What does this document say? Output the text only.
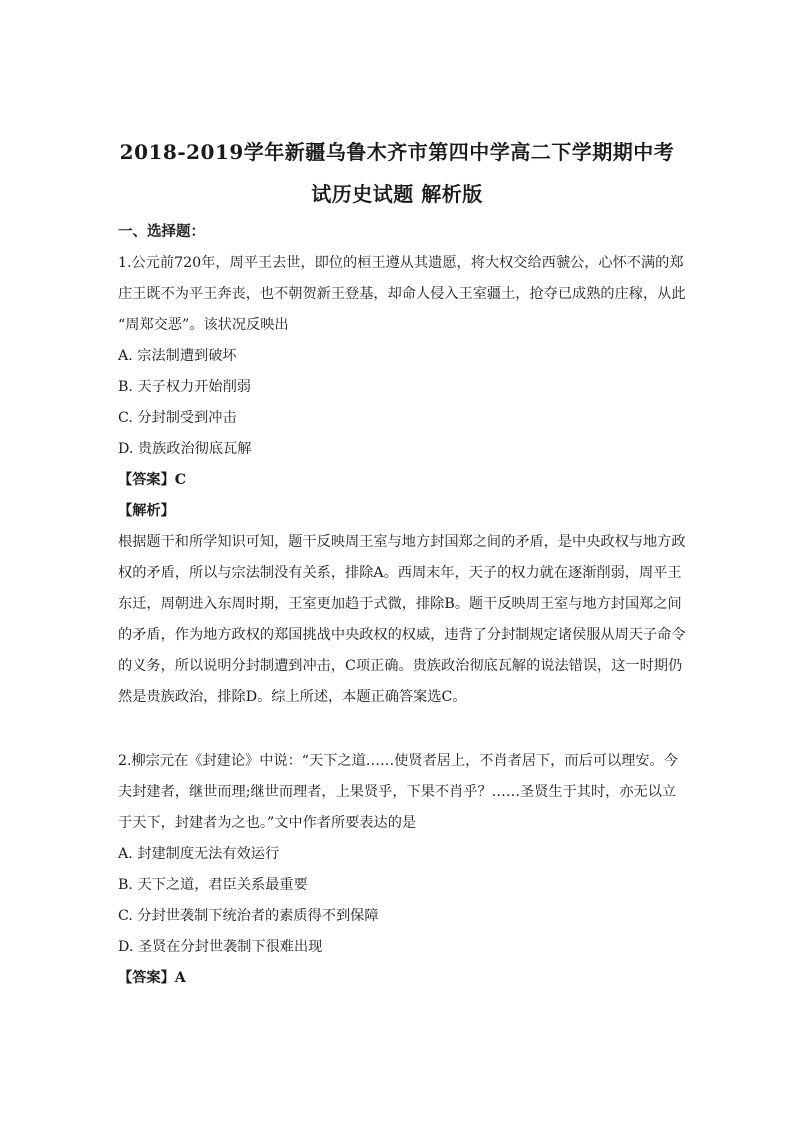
2018-2019学年新疆乌鲁木齐市第四中学高二下学期期中考
试历史试题 解析版
一、选择题：
1.公元前720年，周平王去世，即位的桓王遵从其遗愿，将大权交给西虢公，心怀不满的郑
庄王既不为平王奔丧，也不朝贺新王登基，却命人侵入王室疆土，抢夺已成熟的庄稼，从此
“周郑交恶”。该状况反映出
A. 宗法制遭到破坏
B. 天子权力开始削弱
C. 分封制受到冲击
D. 贵族政治彻底瓦解
【答案】C
【解析】
根据题干和所学知识可知，题干反映周王室与地方封国郑之间的矛盾，是中央政权与地方政
权的矛盾，所以与宗法制没有关系，排除A。西周末年，天子的权力就在逐渐削弱，周平王
东迁，周朝进入东周时期，王室更加趋于式微，排除B。题干反映周王室与地方封国郑之间
的矛盾，作为地方政权的郑国挑战中央政权的权威，违背了分封制规定诸侯服从周天子命令
的义务，所以说明分封制遭到冲击，C项正确。贵族政治彻底瓦解的说法错误，这一时期仍
然是贵族政治，排除D。综上所述，本题正确答案选C。
2.柳宗元在《封建论》中说：“天下之道……使贤者居上，不肖者居下，而后可以理安。今
夫封建者，继世而理;继世而理者，上果贤乎，下果不肖乎？……圣贤生于其时，亦无以立
于天下，封建者为之也。”文中作者所要表达的是
A. 封建制度无法有效运行
B. 天下之道，君臣关系最重要
C. 分封世袭制下统治者的素质得不到保障
D. 圣贤在分封世袭制下很难出现
【答案】A
